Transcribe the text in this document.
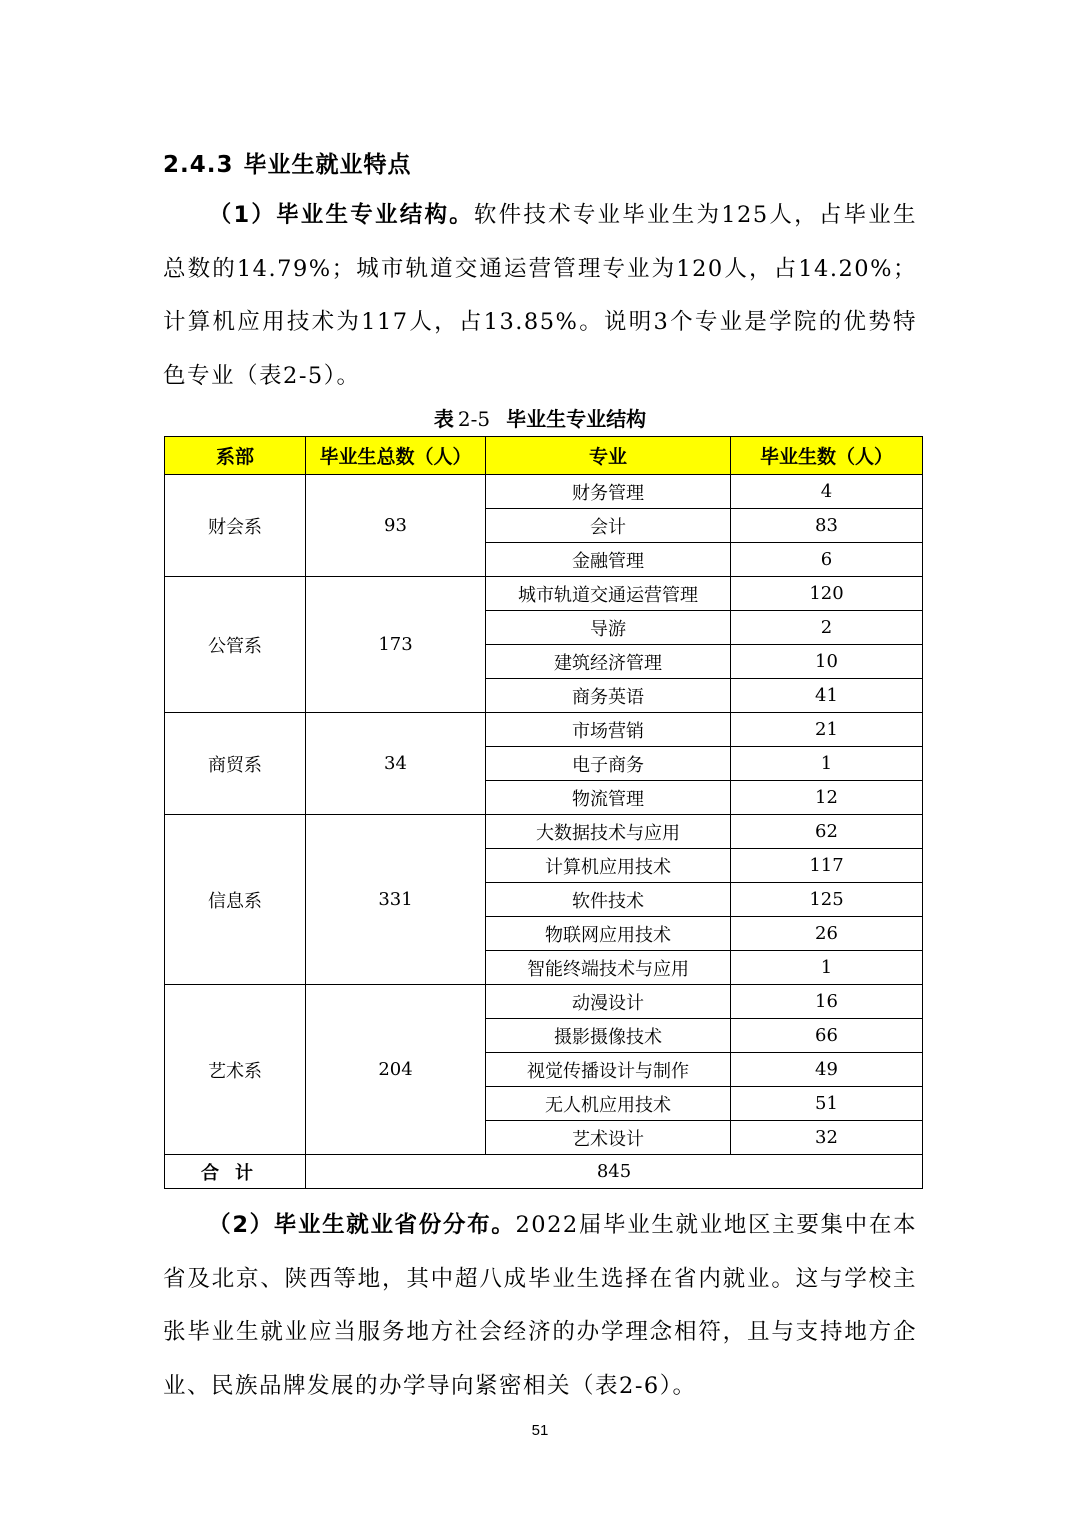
2.4.3 毕业生就业特点
（1）毕业生专业结构。软件技术专业毕业生为125人，占毕业生总数的14.79%；城市轨道交通运营管理专业为120人，占14.20%；计算机应用技术为117人，占13.85%。说明3个专业是学院的优势特色专业（表2-5）。
表 2-5 毕业生专业结构
系部	毕业生总数（人）	专业	毕业生数（人）
财会系	93	财务管理	4
		会计	83
		金融管理	6
公管系	173	城市轨道交通运营管理	120
		导游	2
		建筑经济管理	10
		商务英语	41
商贸系	34	市场营销	21
		电子商务	1
		物流管理	12
信息系	331	大数据技术与应用	62
		计算机应用技术	117
		软件技术	125
		物联网应用技术	26
		智能终端技术与应用	1
艺术系	204	动漫设计	16
		摄影摄像技术	66
		视觉传播设计与制作	49
		无人机应用技术	51
		艺术设计	32
合计	845		
（2）毕业生就业省份分布。2022届毕业生就业地区主要集中在本省及北京、陕西等地，其中超八成毕业生选择在省内就业。这与学校主张毕业生就业应当服务地方社会经济的办学理念相符，且与支持地方企业、民族品牌发展的办学导向紧密相关（表2-6）。
51
